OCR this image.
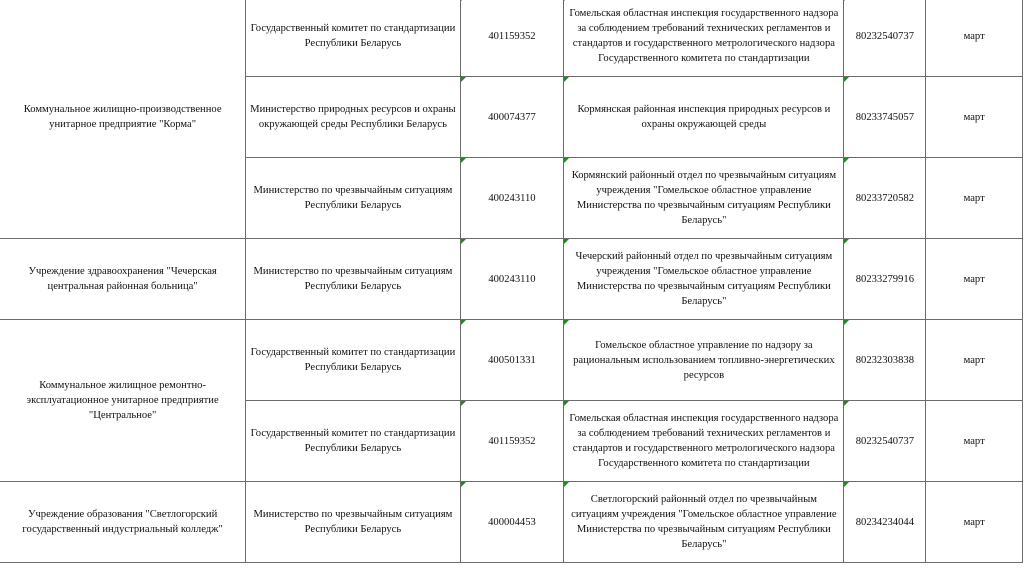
Коммунальное жилищно-производственное унитарное предприятие "Корма"	Государственный комитет по стандартизации Республики Беларусь	401159352	Гомельская областная инспекция государственного надзора за соблюдением требований технических регламентов и стандартов и государственного метрологического надзора Государственного комитета по стандартизации	80232540737	март
	Министерство природных ресурсов и охраны окружающей среды Республики Беларусь	400074377	Кормянская районная инспекция природных ресурсов и охраны окружающей среды	80233745057	март
	Министерство по чрезвычайным ситуациям Республики Беларусь	400243110	Кормянский районный отдел по чрезвычайным ситуациям учреждения "Гомельское областное управление Министерства по чрезвычайным ситуациям Республики Беларусь"	80233720582	март
Учреждение здравоохранения "Чечерская центральная районная больница"	Министерство по чрезвычайным ситуациям Республики Беларусь	400243110	Чечерский районный отдел по чрезвычайным ситуациям учреждения "Гомельское областное управление Министерства по чрезвычайным ситуациям Республики Беларусь"	80233279916	март
Коммунальное жилищное ремонтно-эксплуатационное унитарное предприятие "Центральное"	Государственный комитет по стандартизации Республики Беларусь	400501331	Гомельское областное управление по надзору за рациональным использованием топливно-энергетических ресурсов	80232303838	март
	Государственный комитет по стандартизации Республики Беларусь	401159352	Гомельская областная инспекция государственного надзора за соблюдением требований технических регламентов и стандартов и государственного метрологического надзора Государственного комитета по стандартизации	80232540737	март
Учреждение образования "Светлогорский государственный индустриальный колледж"	Министерство по чрезвычайным ситуациям Республики Беларусь	400004453	Светлогорский районный отдел по чрезвычайным ситуациям учреждения "Гомельское областное управление Министерства по чрезвычайным ситуациям Республики Беларусь"	80234234044	март
